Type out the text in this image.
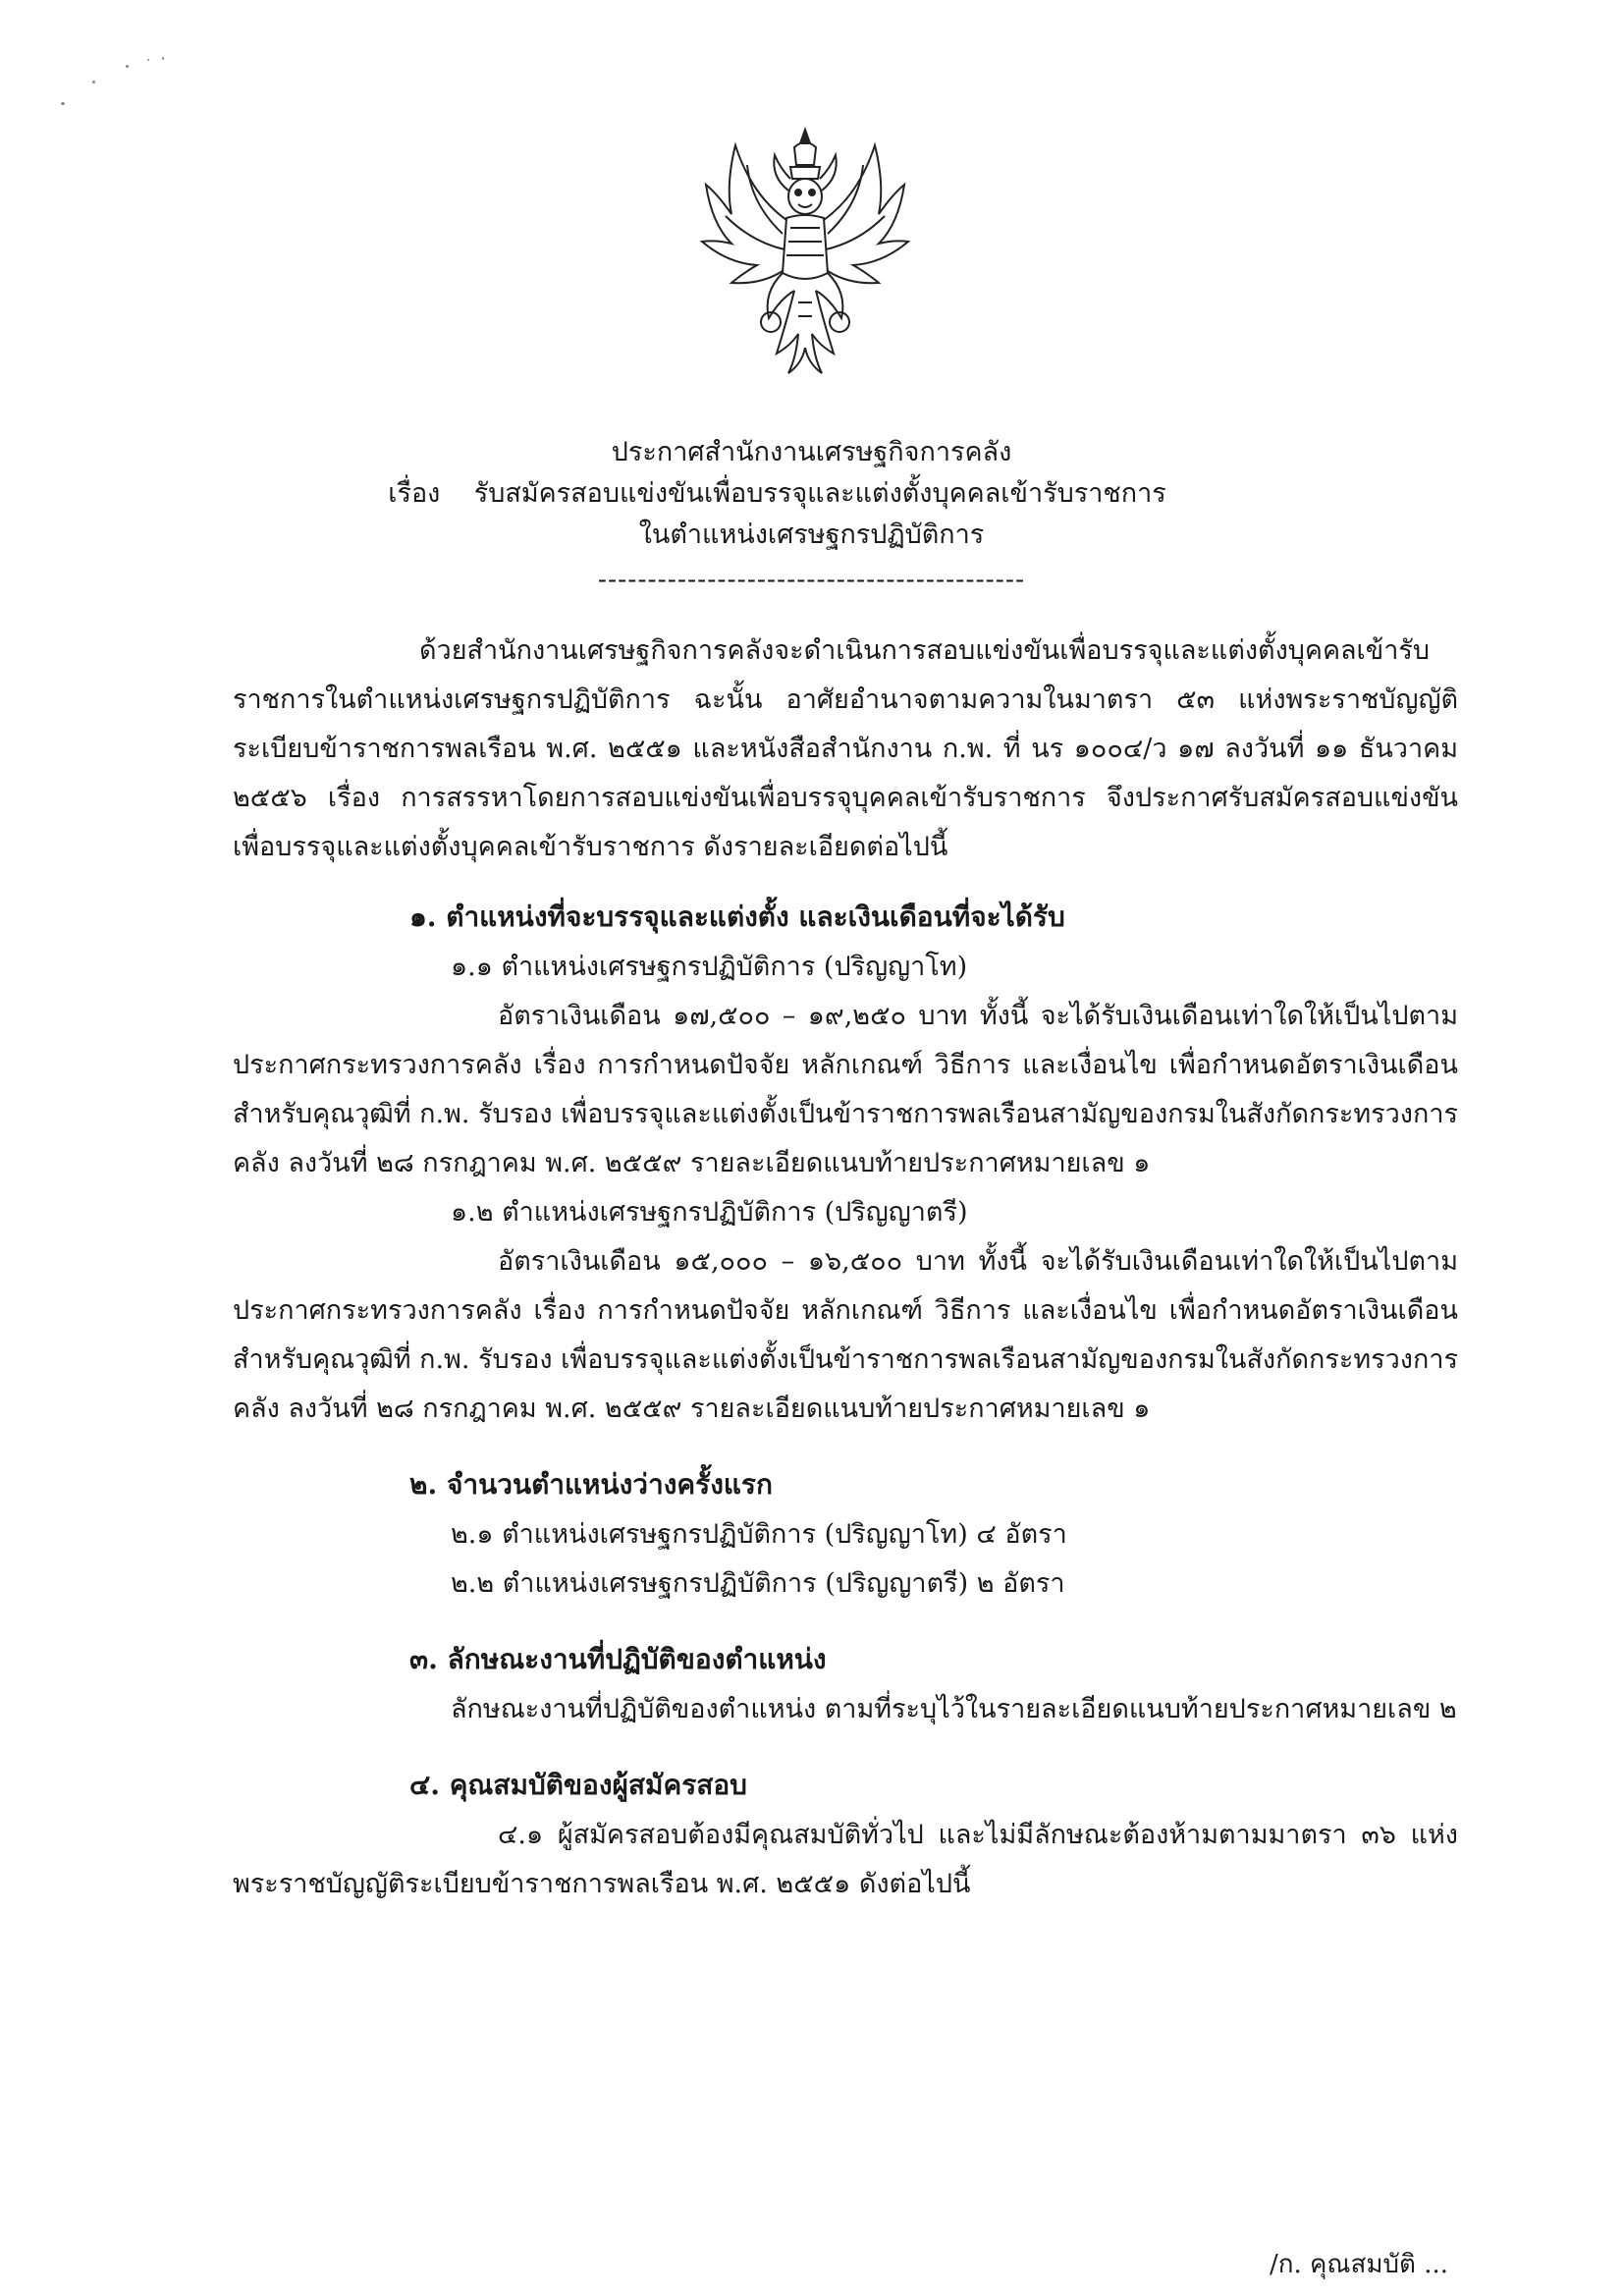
ประกาศสำนักงานเศรษฐกิจการคลัง
เรื่อง รับสมัครสอบแข่งขันเพื่อบรรจุและแต่งตั้งบุคคลเข้ารับราชการ
ในตำแหน่งเศรษฐกรปฏิบัติการ
-------------------------------------------

ด้วยสำนักงานเศรษฐกิจการคลังจะดำเนินการสอบแข่งขันเพื่อบรรจุและแต่งตั้งบุคคลเข้ารับราชการในตำแหน่งเศรษฐกรปฏิบัติการ ฉะนั้น อาศัยอำนาจตามความในมาตรา ๕๓ แห่งพระราชบัญญัติระเบียบข้าราชการพลเรือน พ.ศ. ๒๕๕๑ และหนังสือสำนักงาน ก.พ. ที่ นร ๑๐๐๔/ว ๑๗ ลงวันที่ ๑๑ ธันวาคม ๒๕๕๖ เรื่อง การสรรหาโดยการสอบแข่งขันเพื่อบรรจุบุคคลเข้ารับราชการ จึงประกาศรับสมัครสอบแข่งขันเพื่อบรรจุและแต่งตั้งบุคคลเข้ารับราชการ ดังรายละเอียดต่อไปนี้

๑. ตำแหน่งที่จะบรรจุและแต่งตั้ง และเงินเดือนที่จะได้รับ

๑.๑ ตำแหน่งเศรษฐกรปฏิบัติการ (ปริญญาโท)

อัตราเงินเดือน ๑๗,๕๐๐ – ๑๙,๒๕๐ บาท ทั้งนี้ จะได้รับเงินเดือนเท่าใดให้เป็นไปตามประกาศกระทรวงการคลัง เรื่อง การกำหนดปัจจัย หลักเกณฑ์ วิธีการ และเงื่อนไข เพื่อกำหนดอัตราเงินเดือนสำหรับคุณวุฒิที่ ก.พ. รับรอง เพื่อบรรจุและแต่งตั้งเป็นข้าราชการพลเรือนสามัญของกรมในสังกัดกระทรวงการคลัง ลงวันที่ ๒๘ กรกฎาคม พ.ศ. ๒๕๕๙ รายละเอียดแนบท้ายประกาศหมายเลข ๑

๑.๒ ตำแหน่งเศรษฐกรปฏิบัติการ (ปริญญาตรี)

อัตราเงินเดือน ๑๕,๐๐๐ – ๑๖,๕๐๐ บาท ทั้งนี้ จะได้รับเงินเดือนเท่าใดให้เป็นไปตามประกาศกระทรวงการคลัง เรื่อง การกำหนดปัจจัย หลักเกณฑ์ วิธีการ และเงื่อนไข เพื่อกำหนดอัตราเงินเดือนสำหรับคุณวุฒิที่ ก.พ. รับรอง เพื่อบรรจุและแต่งตั้งเป็นข้าราชการพลเรือนสามัญของกรมในสังกัดกระทรวงการคลัง ลงวันที่ ๒๘ กรกฎาคม พ.ศ. ๒๕๕๙ รายละเอียดแนบท้ายประกาศหมายเลข ๑

๒. จำนวนตำแหน่งว่างครั้งแรก

๒.๑ ตำแหน่งเศรษฐกรปฏิบัติการ (ปริญญาโท) ๔ อัตรา

๒.๒ ตำแหน่งเศรษฐกรปฏิบัติการ (ปริญญาตรี) ๒ อัตรา

๓. ลักษณะงานที่ปฏิบัติของตำแหน่ง

ลักษณะงานที่ปฏิบัติของตำแหน่ง ตามที่ระบุไว้ในรายละเอียดแนบท้ายประกาศหมายเลข ๒

๔. คุณสมบัติของผู้สมัครสอบ

๔.๑ ผู้สมัครสอบต้องมีคุณสมบัติทั่วไป และไม่มีลักษณะต้องห้ามตามมาตรา ๓๖ แห่งพระราชบัญญัติระเบียบข้าราชการพลเรือน พ.ศ. ๒๕๕๑ ดังต่อไปนี้

/ก. คุณสมบัติ ...
